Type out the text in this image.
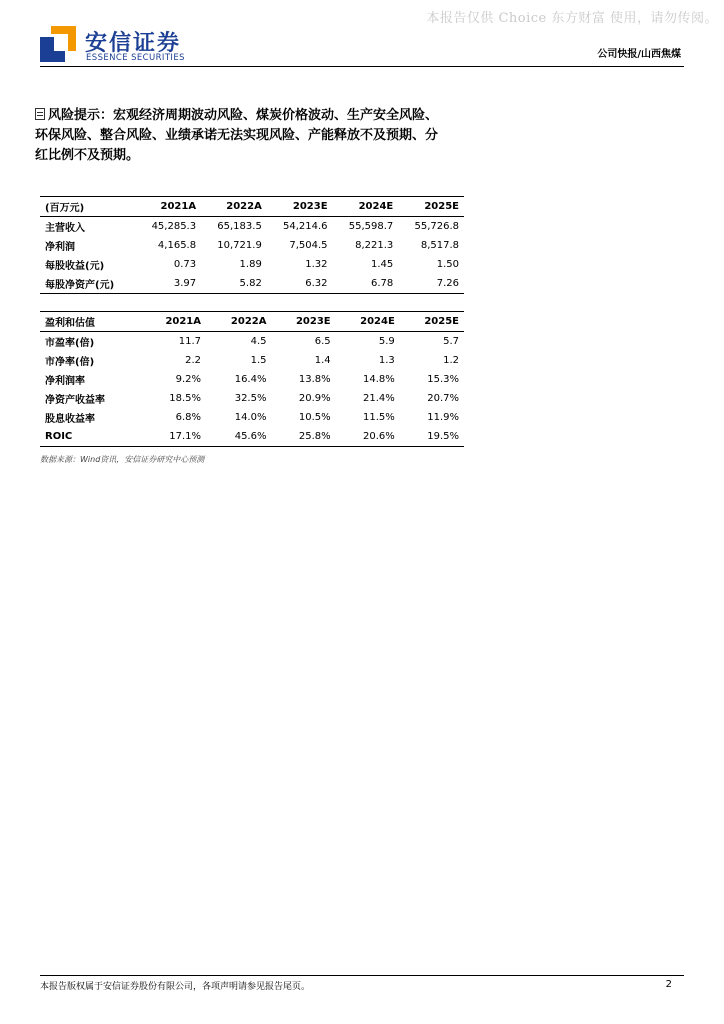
本报告仅供 Choice 东方财富 使用，请勿传阅。
安信证券
ESSENCE SECURITIES	公司快报/山西焦煤
风险提示：宏观经济周期波动风险、煤炭价格波动、生产安全风险、环保风险、整合风险、业绩承诺无法实现风险、产能释放不及预期、分红比例不及预期。
(百万元)	2021A	2022A	2023E	2024E	2025E
主营收入	45,285.3	65,183.5	54,214.6	55,598.7	55,726.8
净利润	4,165.8	10,721.9	7,504.5	8,221.3	8,517.8
每股收益(元)	0.73	1.89	1.32	1.45	1.50
每股净资产(元)	3.97	5.82	6.32	6.78	7.26
盈利和估值	2021A	2022A	2023E	2024E	2025E
市盈率(倍)	11.7	4.5	6.5	5.9	5.7
市净率(倍)	2.2	1.5	1.4	1.3	1.2
净利润率	9.2%	16.4%	13.8%	14.8%	15.3%
净资产收益率	18.5%	32.5%	20.9%	21.4%	20.7%
股息收益率	6.8%	14.0%	10.5%	11.5%	11.9%
ROIC	17.1%	45.6%	25.8%	20.6%	19.5%
数据来源：Wind资讯，安信证券研究中心预测
本报告版权属于安信证券股份有限公司，各项声明请参见报告尾页。	2
